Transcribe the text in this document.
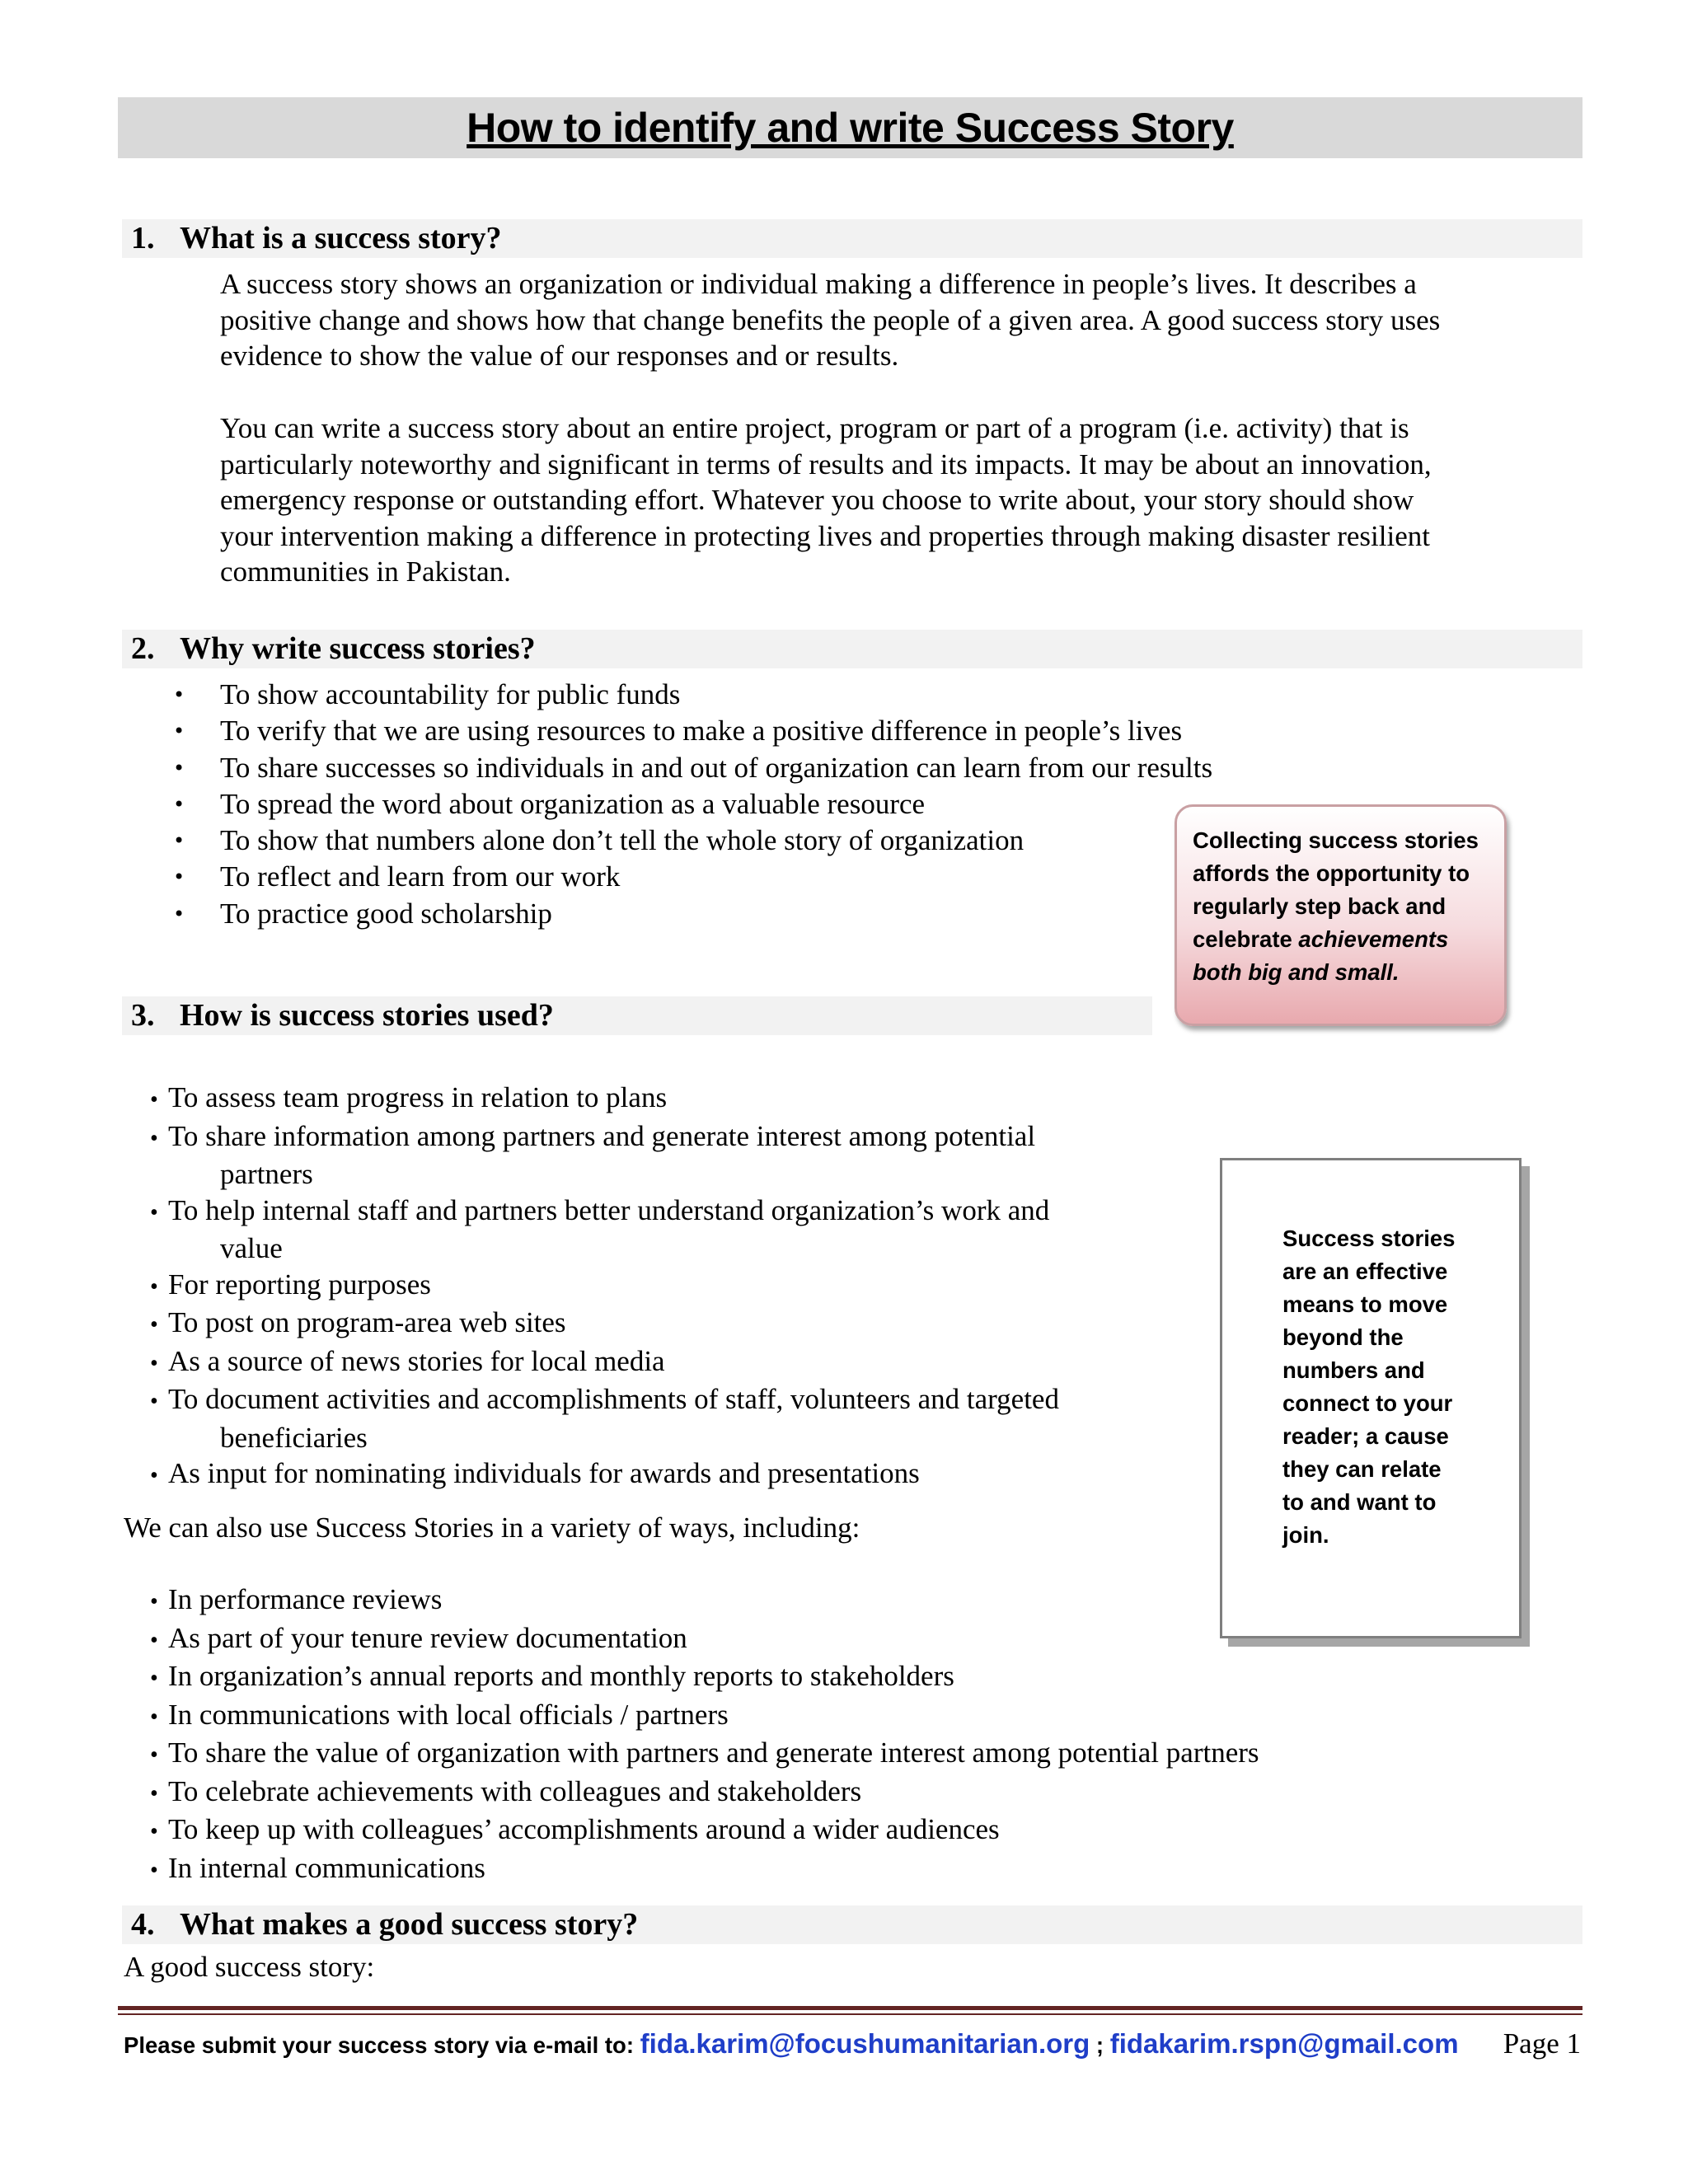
How to identify and write Success Story
1. What is a success story?
A success story shows an organization or individual making a difference in people’s lives. It describes a
positive change and shows how that change benefits the people of a given area. A good success story uses
evidence to show the value of our responses and or results.
You can write a success story about an entire project, program or part of a program (i.e. activity) that is
particularly noteworthy and significant in terms of results and its impacts. It may be about an innovation,
emergency response or outstanding effort. Whatever you choose to write about, your story should show
your intervention making a difference in protecting lives and properties through making disaster resilient
communities in Pakistan.
2. Why write success stories?
• To show accountability for public funds
• To verify that we are using resources to make a positive difference in people’s lives
• To share successes so individuals in and out of organization can learn from our results
• To spread the word about organization as a valuable resource
• To show that numbers alone don’t tell the whole story of organization
• To reflect and learn from our work
• To practice good scholarship
Collecting success stories
affords the opportunity to
regularly step back and
celebrate achievements
both big and small.
3. How is success stories used?
• To assess team progress in relation to plans
• To share information among partners and generate interest among potential
partners
• To help internal staff and partners better understand organization’s work and
value
• For reporting purposes
• To post on program-area web sites
• As a source of news stories for local media
• To document activities and accomplishments of staff, volunteers and targeted
beneficiaries
• As input for nominating individuals for awards and presentations
We can also use Success Stories in a variety of ways, including:
• In performance reviews
• As part of your tenure review documentation
• In organization’s annual reports and monthly reports to stakeholders
• In communications with local officials / partners
• To share the value of organization with partners and generate interest among potential partners
• To celebrate achievements with colleagues and stakeholders
• To keep up with colleagues’ accomplishments around a wider audiences
• In internal communications
Success stories
are an effective
means to move
beyond the
numbers and
connect to your
reader; a cause
they can relate
to and want to
join.
4. What makes a good success story?
A good success story:
Please submit your success story via e-mail to: fida.karim@focushumanitarian.org ; fidakarim.rspn@gmail.com Page 1
